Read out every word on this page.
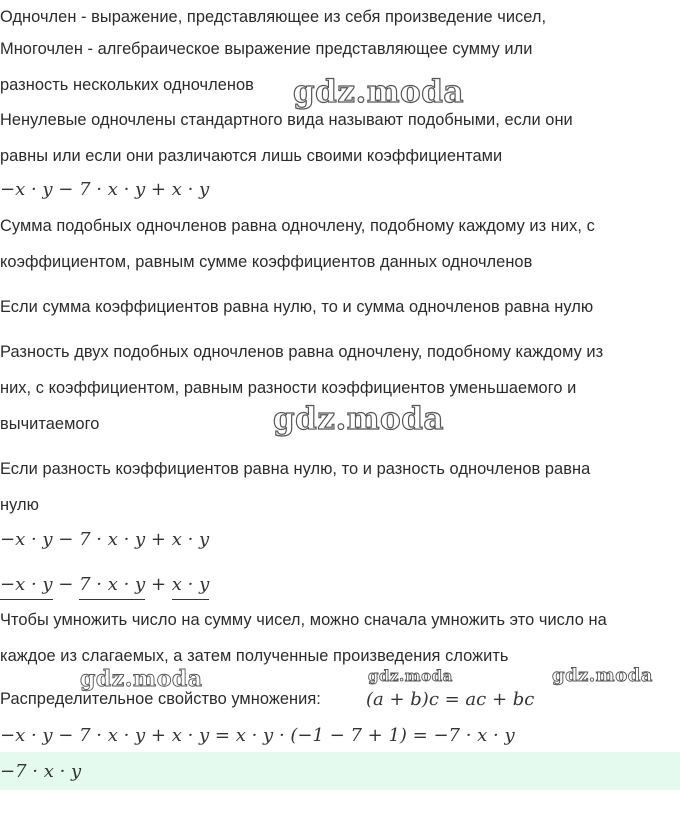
Одночлен - выражение, представляющее из себя произведение чисел,
Многочлен - алгебраическое выражение представляющее сумму или
разность нескольких одночленов
Ненулевые одночлены стандартного вида называют подобными, если они
равны или если они различаются лишь своими коэффициентами
−x · y − 7 · x · y + x · y
Сумма подобных одночленов равна одночлену, подобному каждому из них, с
коэффициентом, равным сумме коэффициентов данных одночленов
Если сумма коэффициентов равна нулю, то и сумма одночленов равна нулю
Разность двух подобных одночленов равна одночлену, подобному каждому из
них, с коэффициентом, равным разности коэффициентов уменьшаемого и
вычитаемого
Если разность коэффициентов равна нулю, то и разность одночленов равна
нулю
−x · y − 7 · x · y + x · y
−x · y − 7 · x · y + x · y
Чтобы умножить число на сумму чисел, можно сначала умножить это число на
каждое из слагаемых, а затем полученные произведения сложить
Распределительное свойство умножения:	(a + b)c = ac + bc
−x · y − 7 · x · y + x · y = x · y · (−1 − 7 + 1) = −7 · x · y
−7 · x · y
gdz.moda
gdz.moda
gdz.moda	gdz.moda	gdz.moda
